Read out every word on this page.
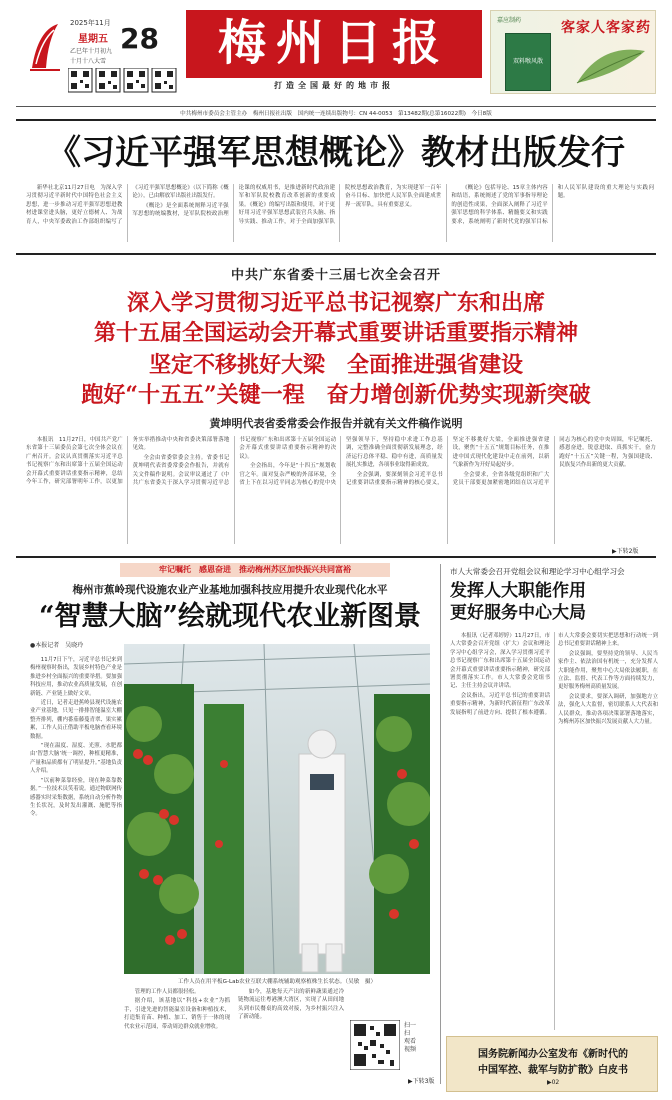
2025年11月
星期五 28
乙巳年十月初九
十月十八大雪	梅州日报
打造全国最好的地市报
嘉应制药	客家人客家药
双料喉风散
中共梅州市委员会主管主办　梅州日报社出版　国内统一连续出版物号：CN 44-0053　第13482期(总第16022期)　今日8版
《习近平强军思想概论》教材出版发行

新华社北京11月27日电　为深入学习贯彻习近平新时代中国特色社会主义思想，进一步推动习近平强军思想进教材进课堂进头脑，更好立德树人、为战育人，中央军委政治工作部组织编写了《习近平强军思想概论》（以下简称《概论》），已由解放军出版社出版发行。

《概论》是全面系统阐释习近平强军思想的统编教材，是军队院校政治理论课的权威用书，是推进新时代政治建军和军队院校教育改革创新的重要成果。《概论》的编写出版和使用，对于更好用习近平强军思想武装官兵头脑、指导实践、推动工作，对于全面加强军队院校思想政治教育，为实现建军一百年奋斗目标、加快把人民军队全面建成世界一流军队，具有重要意义。

《概论》包括导论、15章主体内容和结语，系统阐述了党的军事指导理论的创造性成果，全面深入阐释了习近平强军思想的科学体系、精髓要义和实践要求，系统阐明了新时代党的强军目标和人民军队建设的重大理论与实践问题。

中共广东省委十三届七次全会召开
深入学习贯彻习近平总书记视察广东和出席
第十五届全国运动会开幕式重要讲话重要指示精神
坚定不移挑好大梁　全面推进强省建设
跑好“十五五”关键一程　奋力增创新优势实现新突破
黄坤明代表省委常委会作报告并就有关文件稿作说明

本报讯　11月27日，中国共产党广东省第十三届委员会第七次全体会议在广州召开。会议认真贯彻落实习近平总书记视察广东和出席第十五届全国运动会开幕式重要讲话重要指示精神，总结今年工作，研究部署明年工作，以更加务实举措推动中央和省委决策部署落地见效。

全会由省委常委会主持。省委书记黄坤明代表省委常委会作报告，并就有关文件稿作说明。会议审议通过了《中共广东省委关于深入学习贯彻习近平总书记视察广东和出席第十五届全国运动会开幕式重要讲话重要指示精神的决议》。

全会指出，今年是“十四五”规划收官之年。面对复杂严峻的外部环境，全省上下在以习近平同志为核心的党中央坚强领导下，坚持稳中求进工作总基调，完整准确全面贯彻新发展理念，经济运行总体平稳、稳中有进，高质量发展扎实推进，各项事业取得新成效。

全会强调，要深刻领会习近平总书记重要讲话重要指示精神的核心要义，坚定不移挑好大梁，全面推进强省建设，聚焦“十五五”规划目标任务，在推进中国式现代化建设中走在前列，以新气象新作为开好局起好步。

全会要求，全省各级党组织和广大党员干部要更加紧密地团结在以习近平同志为核心的党中央周围，牢记嘱托、感恩奋进，锐意进取、真抓实干，奋力跑好“十五五”关键一程，为强国建设、民族复兴作出新的更大贡献。

▶下转2版
牢记嘱托　感恩奋进　推动梅州苏区加快振兴共同富裕
梅州市蕉岭现代设施农业产业基地加强科技应用提升农业现代化水平
“智慧大脑”绘就现代农业新图景
●本报记者　吴晓玲

11月7日下午，习近平总书记来到梅州视察时指出，发展乡村特色产业是推进乡村全面振兴的重要举措。要加强科技应用，推动农业高质量发展，在创新链、产业链上做好文章。

近日，记者走进蕉岭县现代设施农业产业基地，只见一排排智能温室大棚整齐排列，棚内番茄藤蔓青翠、果实累累，工作人员正借助平板电脑查看环境数据。

“现在温度、湿度、光照、水肥都由‘智慧大脑’统一调控，种植更精准，产量和品质都有了明显提升。”基地负责人介绍。

“以前种菜靠经验，现在种菜靠数据。”一位技术员笑着说。通过物联网传感器实时采集数据，系统自动分析作物生长状况，及时发出灌溉、施肥等指令。

工作人员在用平板G-Lab农业互联大棚系统辅助观察植株生长状态。（吴敏　摄）

管理的工作人员都很轻松。

据介绍，该基地以“科技+农业”为抓手，引进先进的智能温室设备和种植技术，打造集育苗、种植、加工、销售于一体的现代农业示范园，带动周边群众就业增收。

如今，基地每天产出的新鲜蔬果通过冷链物流运往粤港澳大湾区，实现了从田间地头到市民餐桌的高效对接，为乡村振兴注入了新动能。

扫一扫　观看视频
▶下转3版
市人大常委会召开党组会议和理论学习中心组学习会
发挥人大职能作用
更好服务中心大局

本报讯（记者邓婷婷）11月27日，市人大常委会召开党组（扩大）会议和理论学习中心组学习会，深入学习贯彻习近平总书记视察广东和出席第十五届全国运动会开幕式重要讲话重要指示精神，研究部署贯彻落实工作。市人大常委会党组书记、主任主持会议并讲话。

会议指出，习近平总书记的重要讲话重要指示精神，为新时代新征程广东改革发展指明了前进方向、提供了根本遵循。市人大常委会要切实把思想和行动统一到总书记重要讲话精神上来。

会议强调，要坚持党的领导、人民当家作主、依法治国有机统一，充分发挥人大职能作用，聚焦中心大局依法履职，在立法、监督、代表工作等方面持续发力，更好服务梅州高质量发展。

会议要求，要深入调研，加强地方立法，强化人大监督，密切联系人大代表和人民群众，推动各项决策部署落地落实，为梅州苏区加快振兴发展贡献人大力量。

国务院新闻办公室发布《新时代的
中国军控、裁军与防扩散》白皮书
▶02
